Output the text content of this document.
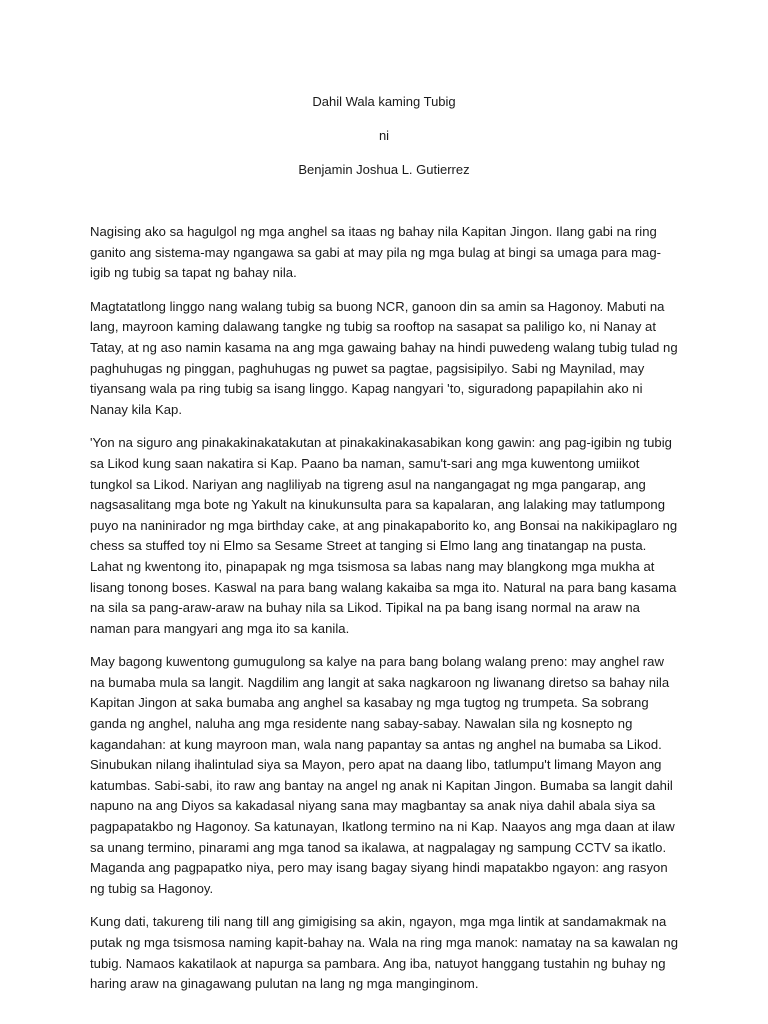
Dahil Wala kaming Tubig
ni
Benjamin Joshua L. Gutierrez

Nagising ako sa hagulgol ng mga anghel sa itaas ng bahay nila Kapitan Jingon. Ilang gabi na ring ganito ang sistema-may ngangawa sa gabi at may pila ng mga bulag at bingi sa umaga para mag-igib ng tubig sa tapat ng bahay nila.

Magtatatlong linggo nang walang tubig sa buong NCR, ganoon din sa amin sa Hagonoy. Mabuti na lang, mayroon kaming dalawang tangke ng tubig sa rooftop na sasapat sa paliligo ko, ni Nanay at Tatay, at ng aso namin kasama na ang mga gawaing bahay na hindi puwedeng walang tubig tulad ng paghuhugas ng pinggan, paghuhugas ng puwet sa pagtae, pagsisipilyo. Sabi ng Maynilad, may tiyansang wala pa ring tubig sa isang linggo. Kapag nangyari 'to, siguradong papapilahin ako ni Nanay kila Kap.

'Yon na siguro ang pinakakinakatakutan at pinakakinakasabikan kong gawin: ang pag-igibin ng tubig sa Likod kung saan nakatira si Kap. Paano ba naman, samu't-sari ang mga kuwentong umiikot tungkol sa Likod. Nariyan ang nagliliyab na tigreng asul na nangangagat ng mga pangarap, ang nagsasalitang mga bote ng Yakult na kinukunsulta para sa kapalaran, ang lalaking may tatlumpong puyo na naninirador ng mga birthday cake, at ang pinakapaborito ko, ang Bonsai na nakikipaglaro ng chess sa stuffed toy ni Elmo sa Sesame Street at tanging si Elmo lang ang tinatangap na pusta. Lahat ng kwentong ito, pinapapak ng mga tsismosa sa labas nang may blangkong mga mukha at lisang tonong boses. Kaswal na para bang walang kakaiba sa mga ito. Natural na para bang kasama na sila sa pang-araw-araw na buhay nila sa Likod. Tipikal na pa bang isang normal na araw na naman para mangyari ang mga ito sa kanila.

May bagong kuwentong gumugulong sa kalye na para bang bolang walang preno: may anghel raw na bumaba mula sa langit. Nagdilim ang langit at saka nagkaroon ng liwanang diretso sa bahay nila Kapitan Jingon at saka bumaba ang anghel sa kasabay ng mga tugtog ng trumpeta. Sa sobrang ganda ng anghel, naluha ang mga residente nang sabay-sabay. Nawalan sila ng kosnepto ng kagandahan: at kung mayroon man, wala nang papantay sa antas ng anghel na bumaba sa Likod. Sinubukan nilang ihalintulad siya sa Mayon, pero apat na daang libo, tatlumpu't limang Mayon ang katumbas. Sabi-sabi, ito raw ang bantay na angel ng anak ni Kapitan Jingon. Bumaba sa langit dahil napuno na ang Diyos sa kakadasal niyang sana may magbantay sa anak niya dahil abala siya sa pagpapatakbo ng Hagonoy. Sa katunayan, Ikatlong termino na ni Kap. Naayos ang mga daan at ilaw sa unang termino, pinarami ang mga tanod sa ikalawa, at nagpalagay ng sampung CCTV sa ikatlo. Maganda ang pagpapatko niya, pero may isang bagay siyang hindi mapatakbo ngayon: ang rasyon ng tubig sa Hagonoy.

Kung dati, takureng tili nang till ang gimigising sa akin, ngayon, mga mga lintik at sandamakmak na putak ng mga tsismosa naming kapit-bahay na. Wala na ring mga manok: namatay na sa kawalan ng tubig. Namaos kakatilaok at napurga sa pambara. Ang iba, natuyot hanggang tustahin ng buhay ng haring araw na ginagawang pulutan na lang ng mga manginginom.
